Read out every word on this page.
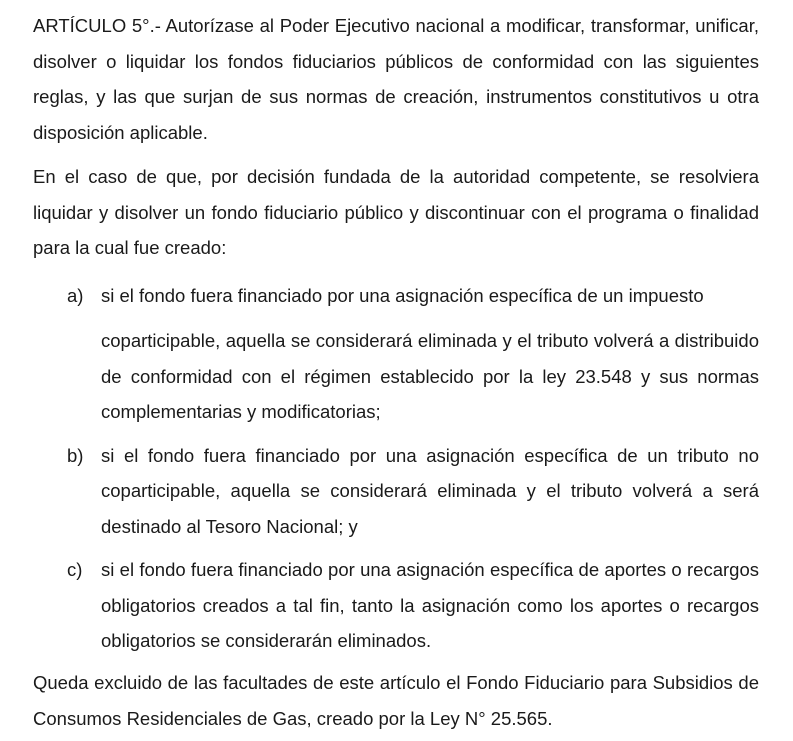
ARTÍCULO 5°.- Autorízase al Poder Ejecutivo nacional a modificar, transformar, unificar, disolver o liquidar los fondos fiduciarios públicos de conformidad con las siguientes reglas, y las que surjan de sus normas de creación, instrumentos constitutivos u otra disposición aplicable.

En el caso de que, por decisión fundada de la autoridad competente, se resolviera liquidar y disolver un fondo fiduciario público y discontinuar con el programa o finalidad para la cual fue creado:

a) si el fondo fuera financiado por una asignación específica de un impuesto
coparticipable, aquella se considerará eliminada y el tributo volverá a distribuido de conformidad con el régimen establecido por la ley 23.548 y sus normas complementarias y modificatorias;
b) si el fondo fuera financiado por una asignación específica de un tributo no coparticipable, aquella se considerará eliminada y el tributo volverá a será destinado al Tesoro Nacional; y
c) si el fondo fuera financiado por una asignación específica de aportes o recargos obligatorios creados a tal fin, tanto la asignación como los aportes o recargos obligatorios se considerarán eliminados.

Queda excluido de las facultades de este artículo el Fondo Fiduciario para Subsidios de Consumos Residenciales de Gas, creado por la Ley N° 25.565.
